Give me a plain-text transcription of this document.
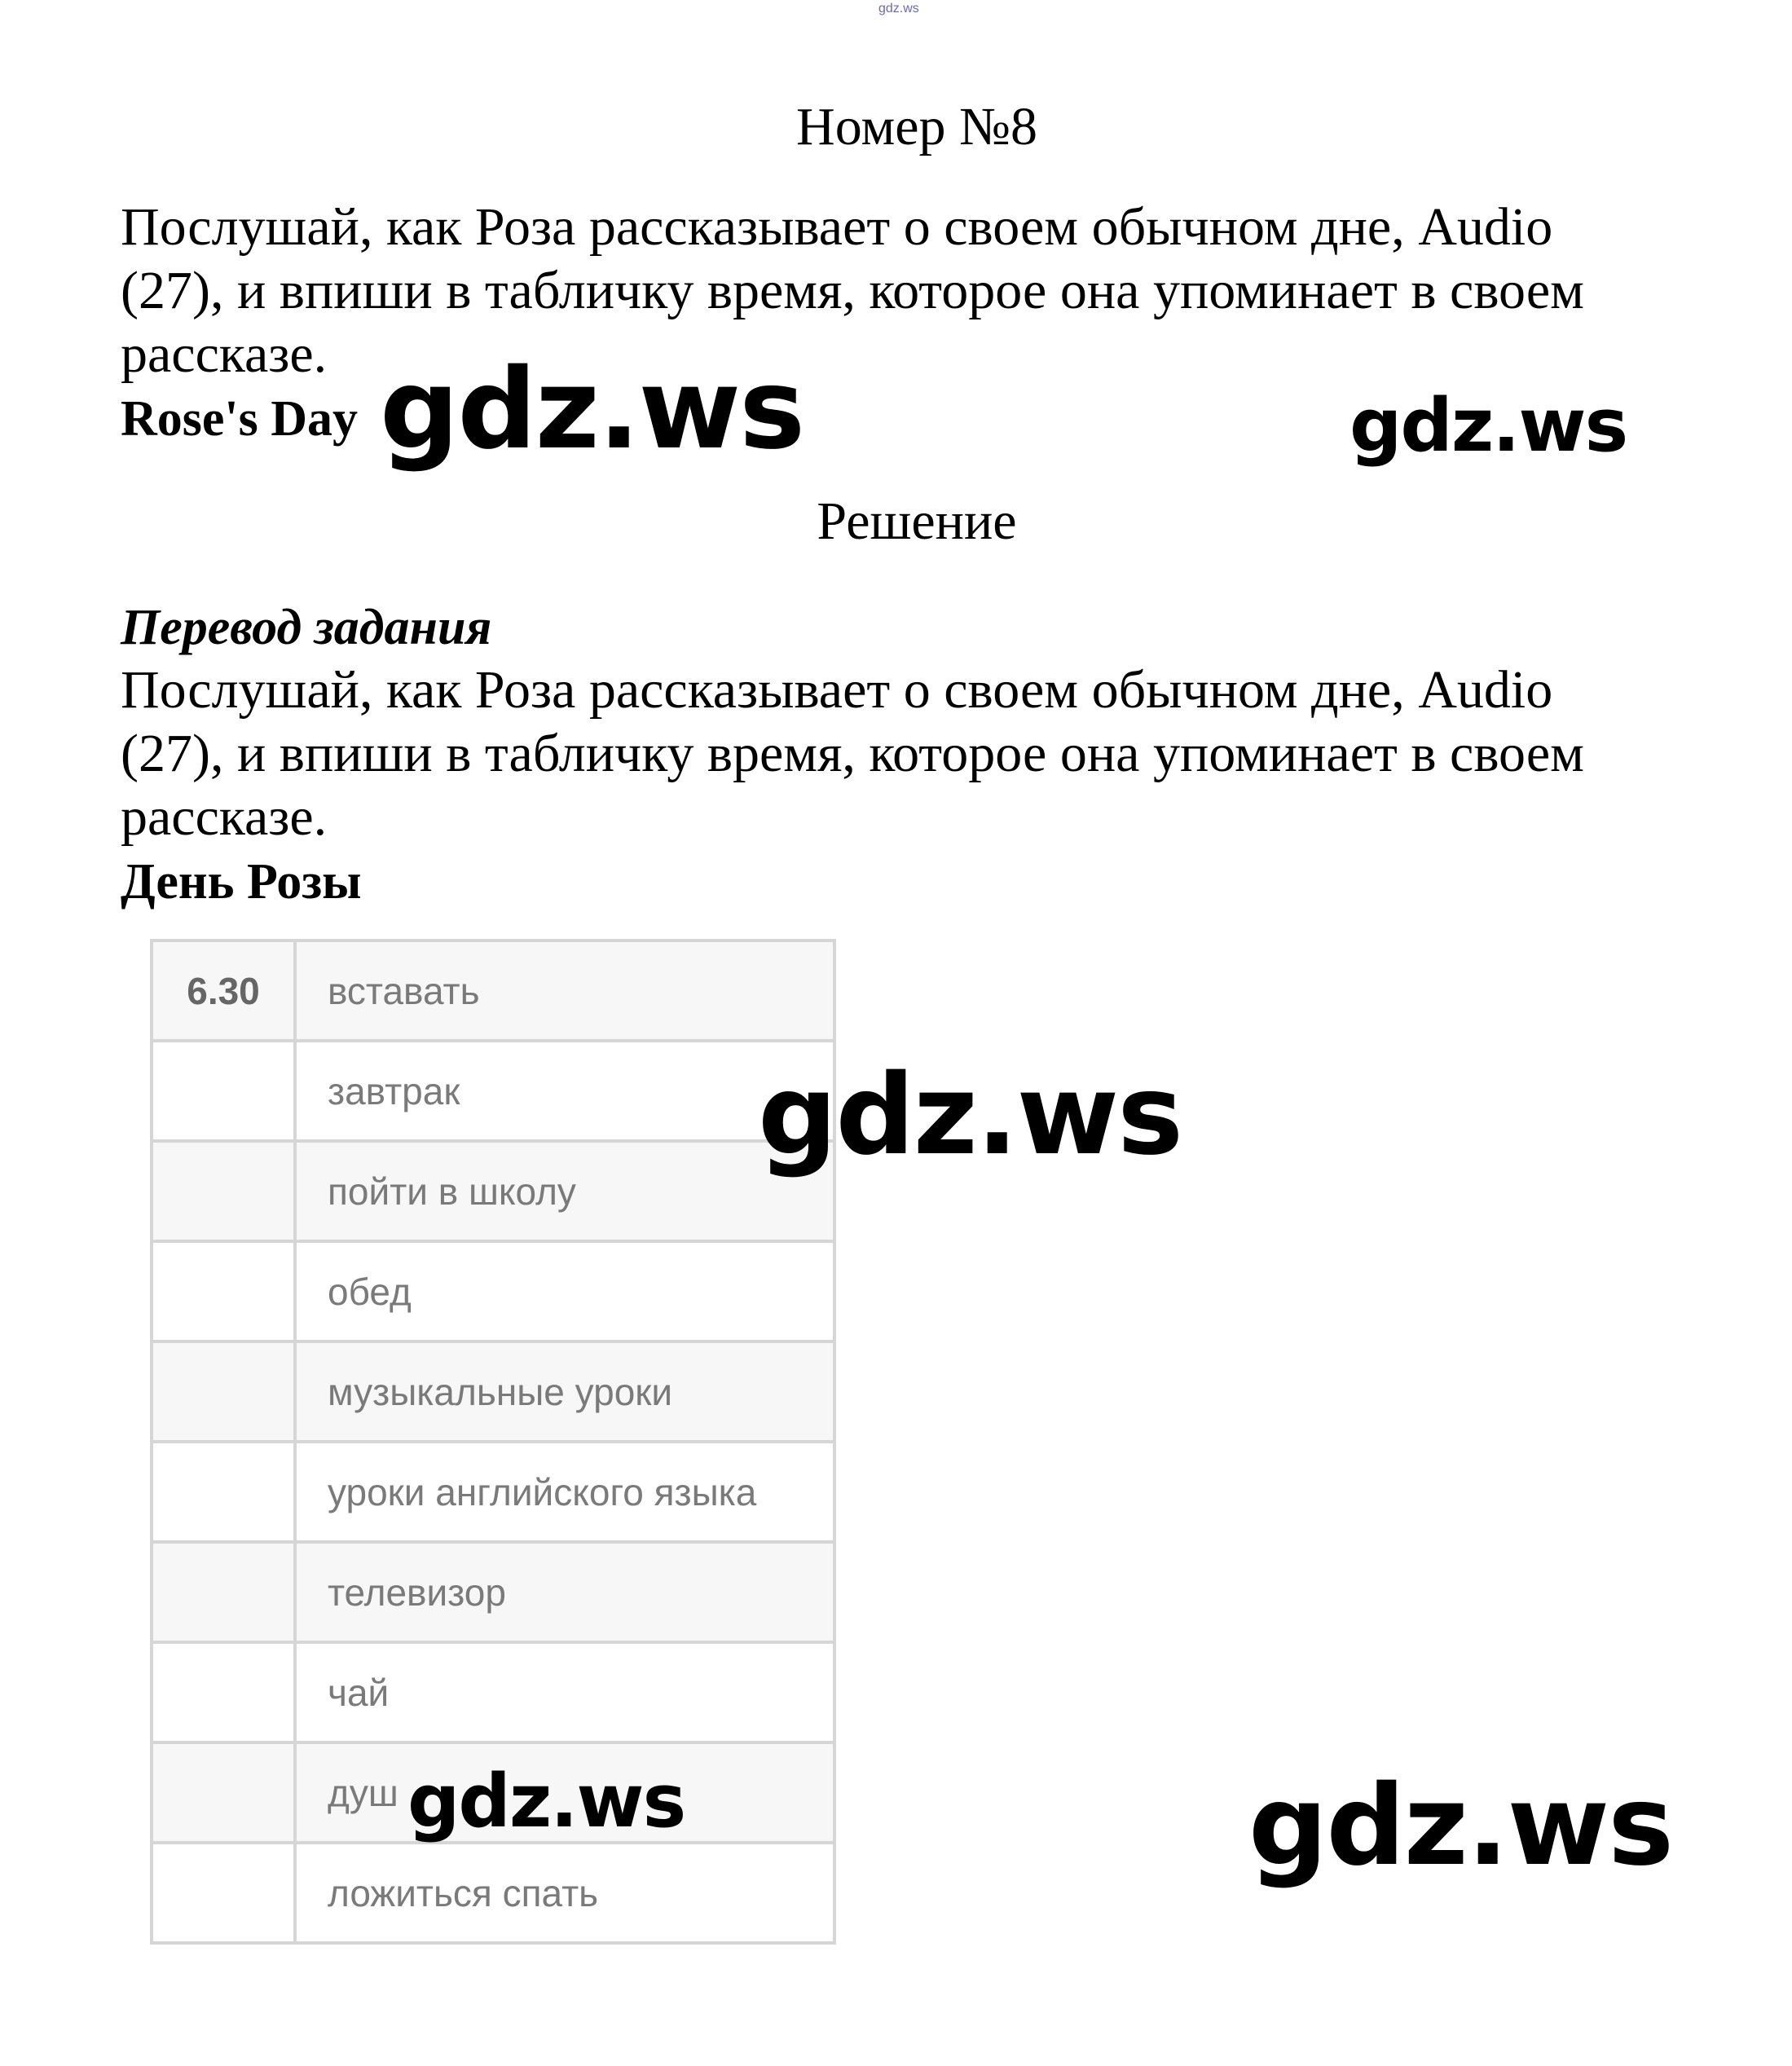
gdz.ws
Номер №8
Послушай, как Роза рассказывает о своем обычном дне, Audio (27), и впиши в табличку время, которое она упоминает в своем рассказе.
Rose's Day
Решение
Перевод задания
Послушай, как Роза рассказывает о своем обычном дне, Audio (27), и впиши в табличку время, которое она упоминает в своем рассказе.
День Розы
6.30	вставать
	завтрак
	пойти в школу
	обед
	музыкальные уроки
	уроки английского языка
	телевизор
	чай
	душ
	ложиться спать
gdz.ws	gdz.ws
gdz.ws
gdz.ws	gdz.ws
